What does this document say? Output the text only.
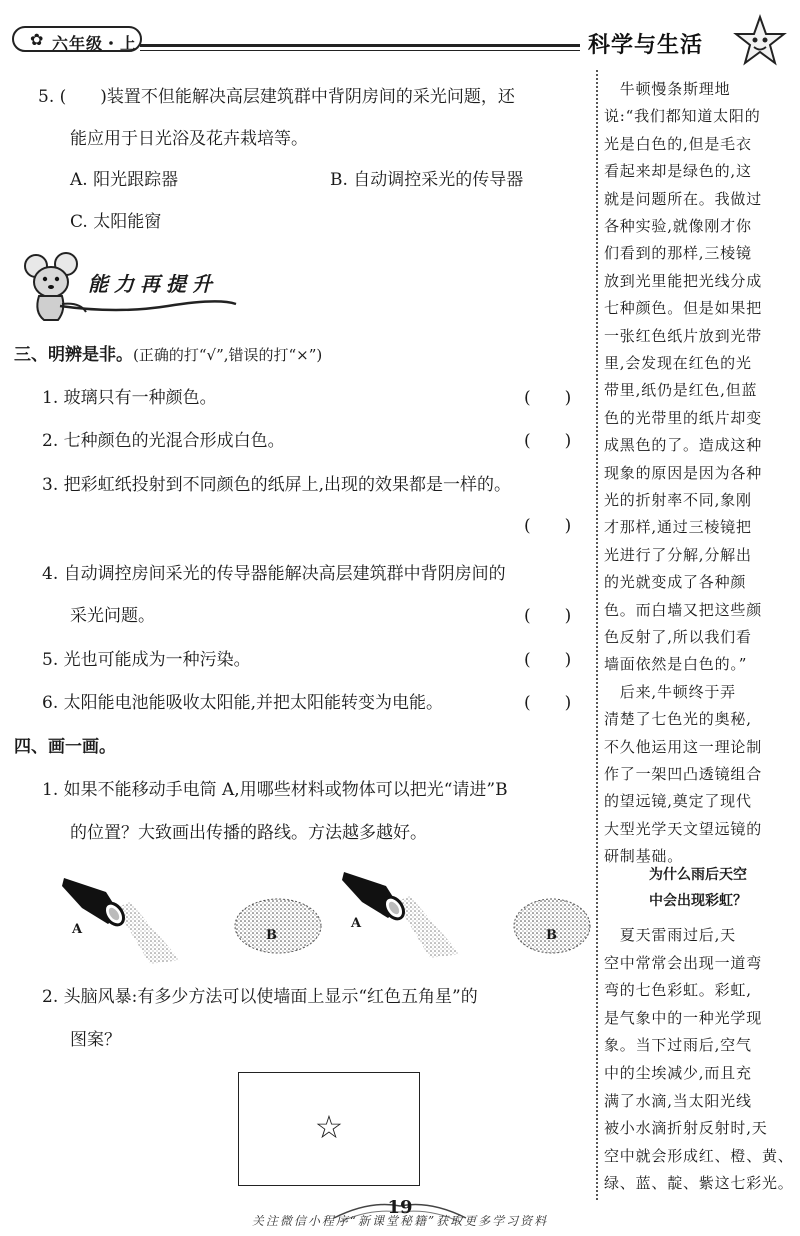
✿ 六年级・上	科学与生活
5. (　　)装置不但能解决高层建筑群中背阴房间的采光问题，还
能应用于日光浴及花卉栽培等。
A. 阳光跟踪器	B. 自动调控采光的传导器
C. 太阳能窗
能力再提升
三、明辨是非。(正确的打“√”,错误的打“×”)
1. 玻璃只有一种颜色。	(　　)
2. 七种颜色的光混合形成白色。	(　　)
3. 把彩虹纸投射到不同颜色的纸屏上,出现的效果都是一样的。
(　　)
4. 自动调控房间采光的传导器能解决高层建筑群中背阴房间的
采光问题。	(　　)
5. 光也可能成为一种污染。	(　　)
6. 太阳能电池能吸收太阳能,并把太阳能转变为电能。	(　　)
四、画一画。
1. 如果不能移动手电筒 A,用哪些材料或物体可以把光“请进”B
的位置？大致画出传播的路线。方法越多越好。
A	B
A
B
2. 头脑风暴:有多少方法可以使墙面上显示“红色五角星”的
图案？
☆
　牛顿慢条斯理地
说:“我们都知道太阳的
光是白色的,但是毛衣
看起来却是绿色的,这
就是问题所在。我做过
各种实验,就像刚才你
们看到的那样,三棱镜
放到光里能把光线分成
七种颜色。但是如果把
一张红色纸片放到光带
里,会发现在红色的光
带里,纸仍是红色,但蓝
色的光带里的纸片却变
成黑色的了。造成这种
现象的原因是因为各种
光的折射率不同,象刚
才那样,通过三棱镜把
光进行了分解,分解出
的光就变成了各种颜
色。而白墙又把这些颜
色反射了,所以我们看
墙面依然是白色的。”
　后来,牛顿终于弄
清楚了七色光的奥秘,
不久他运用这一理论制
作了一架凹凸透镜组合
的望远镜,奠定了现代
大型光学天文望远镜的
研制基础。
为什么雨后天空
中会出现彩虹？
　夏天雷雨过后,天
空中常常会出现一道弯
弯的七色彩虹。彩虹,
是气象中的一种光学现
象。当下过雨后,空气
中的尘埃减少,而且充
满了水滴,当太阳光线
被小水滴折射反射时,天
空中就会形成红、橙、黄、
绿、蓝、靛、紫这七彩光。
19
关注微信小程序“新课堂秘籍”获取更多学习资料
